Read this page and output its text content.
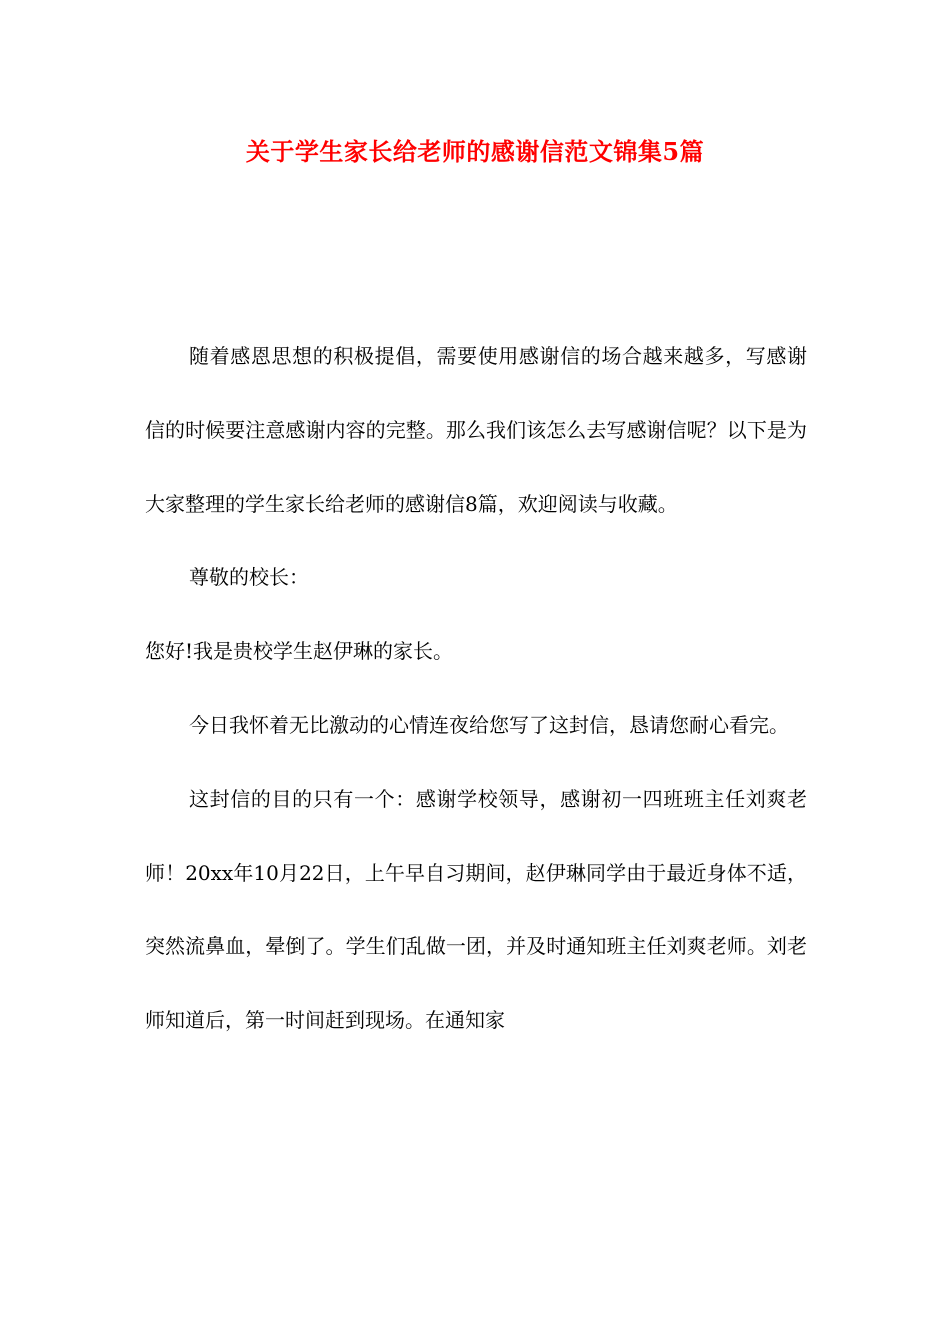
关于学生家长给老师的感谢信范文锦集5篇

随着感恩思想的积极提倡，需要使用感谢信的场合越来越多，写感谢信的时候要注意感谢内容的完整。那么我们该怎么去写感谢信呢？以下是为大家整理的学生家长给老师的感谢信8篇，欢迎阅读与收藏。

尊敬的校长：

您好!我是贵校学生赵伊琳的家长。

今日我怀着无比激动的心情连夜给您写了这封信，恳请您耐心看完。

这封信的目的只有一个：感谢学校领导，感谢初一四班班主任刘爽老师！20xx年10月22日，上午早自习期间，赵伊琳同学由于最近身体不适，突然流鼻血，晕倒了。学生们乱做一团，并及时通知班主任刘爽老师。刘老师知道后，第一时间赶到现场。在通知家
